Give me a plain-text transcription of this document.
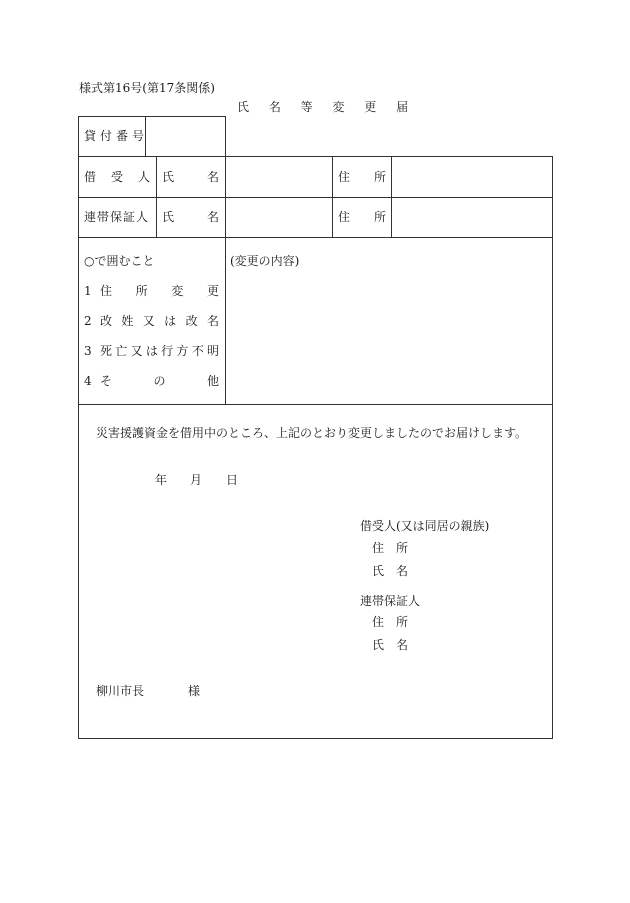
様式第16号(第17条関係)
氏 名 等 変 更 届
貸付番号
借 受 人 氏	名	住 所
連帯保証人 氏	名	住 所
○で囲むこと
1 住 所 変 更
2 改 姓 又 は 改 名
3 死 亡 又 は 行 方 不 明
4 そ	の	他
(変更の内容)
災害援護資金を借用中のところ、上記のとおり変更しましたのでお届けします。
年 月 日
借受人(又は同居の親族)
住　所
氏　名
連帯保証人
住　所
氏　名
柳川市長	様
